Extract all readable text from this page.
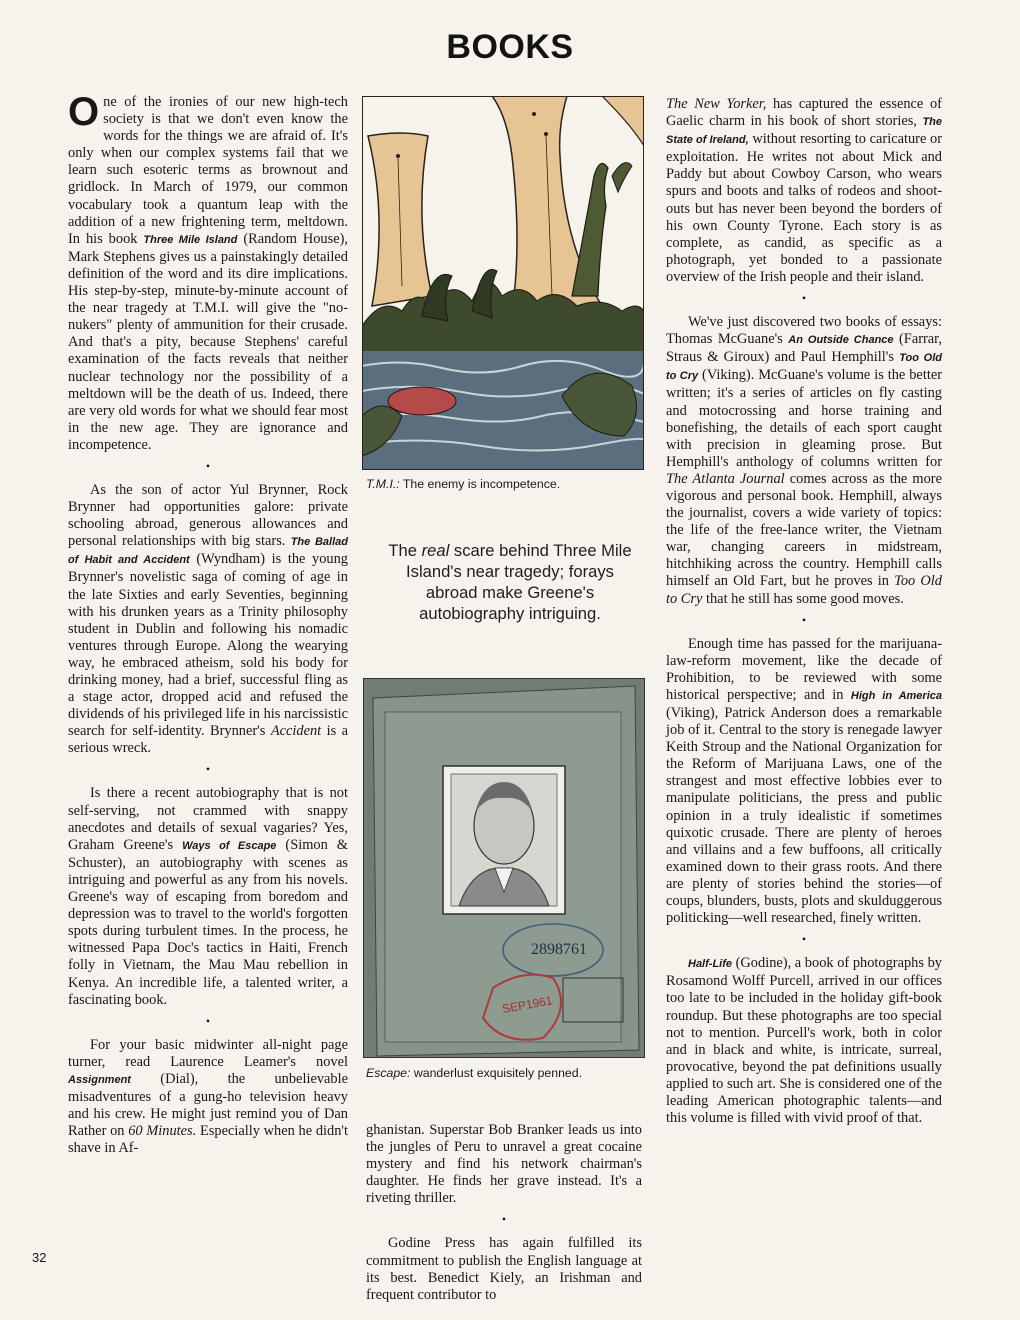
BOOKS

One of the ironies of our new high-tech society is that we don't even know the words for the things we are afraid of. It's only when our complex systems fail that we learn such esoteric terms as brownout and gridlock. In March of 1979, our common vocabulary took a quantum leap with the addition of a new frightening term, meltdown. In his book Three Mile Island (Random House), Mark Stephens gives us a painstakingly detailed definition of the word and its dire implications. His step-by-step, minute-by-minute account of the near tragedy at T.M.I. will give the "no-nukers" plenty of ammunition for their crusade. And that's a pity, because Stephens' careful examination of the facts reveals that neither nuclear technology nor the possibility of a meltdown will be the death of us. Indeed, there are very old words for what we should fear most in the new age. They are ignorance and incompetence.

•

As the son of actor Yul Brynner, Rock Brynner had opportunities galore: private schooling abroad, generous allowances and personal relationships with big stars. The Ballad of Habit and Accident (Wyndham) is the young Brynner's novelistic saga of coming of age in the late Sixties and early Seventies, beginning with his drunken years as a Trinity philosophy student in Dublin and following his nomadic ventures through Europe. Along the wearying way, he embraced atheism, sold his body for drinking money, had a brief, successful fling as a stage actor, dropped acid and refused the dividends of his privileged life in his narcissistic search for self-identity. Brynner's Accident is a serious wreck.

•

Is there a recent autobiography that is not self-serving, not crammed with snappy anecdotes and details of sexual vagaries? Yes, Graham Greene's Ways of Escape (Simon & Schuster), an autobiography with scenes as intriguing and powerful as any from his novels. Greene's way of escaping from boredom and depression was to travel to the world's forgotten spots during turbulent times. In the process, he witnessed Papa Doc's tactics in Haiti, French folly in Vietnam, the Mau Mau rebellion in Kenya. An incredible life, a talented writer, a fascinating book.

•

For your basic midwinter all-night page turner, read Laurence Leamer's novel Assignment (Dial), the unbelievable misadventures of a gung-ho television heavy and his crew. He might just remind you of Dan Rather on 60 Minutes. Especially when he didn't shave in Af-

T.M.I.: The enemy is incompetence.
The real scare behind Three Mile Island's near tragedy; forays abroad make Greene's autobiography intriguing.
2898761
SEP1961
Escape: wanderlust exquisitely penned.

ghanistan. Superstar Bob Branker leads us into the jungles of Peru to unravel a great cocaine mystery and find his network chairman's daughter. He finds her grave instead. It's a riveting thriller.

•

Godine Press has again fulfilled its commitment to publish the English language at its best. Benedict Kiely, an Irishman and frequent contributor to

The New Yorker, has captured the essence of Gaelic charm in his book of short stories, The State of Ireland, without resorting to caricature or exploitation. He writes not about Mick and Paddy but about Cowboy Carson, who wears spurs and boots and talks of rodeos and shoot-outs but has never been beyond the borders of his own County Tyrone. Each story is as complete, as candid, as specific as a photograph, yet bonded to a passionate overview of the Irish people and their island.

•

We've just discovered two books of essays: Thomas McGuane's An Outside Chance (Farrar, Straus & Giroux) and Paul Hemphill's Too Old to Cry (Viking). McGuane's volume is the better written; it's a series of articles on fly casting and motocrossing and horse training and bonefishing, the details of each sport caught with precision in gleaming prose. But Hemphill's anthology of columns written for The Atlanta Journal comes across as the more vigorous and personal book. Hemphill, always the journalist, covers a wide variety of topics: the life of the free-lance writer, the Vietnam war, changing careers in midstream, hitchhiking across the country. Hemphill calls himself an Old Fart, but he proves in Too Old to Cry that he still has some good moves.

•

Enough time has passed for the marijuana-law-reform movement, like the decade of Prohibition, to be reviewed with some historical perspective; and in High in America (Viking), Patrick Anderson does a remarkable job of it. Central to the story is renegade lawyer Keith Stroup and the National Organization for the Reform of Marijuana Laws, one of the strangest and most effective lobbies ever to manipulate politicians, the press and public opinion in a truly idealistic if sometimes quixotic crusade. There are plenty of heroes and villains and a few buffoons, all critically examined down to their grass roots. And there are plenty of stories behind the stories—of coups, blunders, busts, plots and skulduggerous politicking—well researched, finely written.

•

Half-Life (Godine), a book of photographs by Rosamond Wolff Purcell, arrived in our offices too late to be included in the holiday gift-book roundup. But these photographs are too special not to mention. Purcell's work, both in color and in black and white, is intricate, surreal, provocative, beyond the pat definitions usually applied to such art. She is considered one of the leading American photographic talents—and this volume is filled with vivid proof of that.

32
